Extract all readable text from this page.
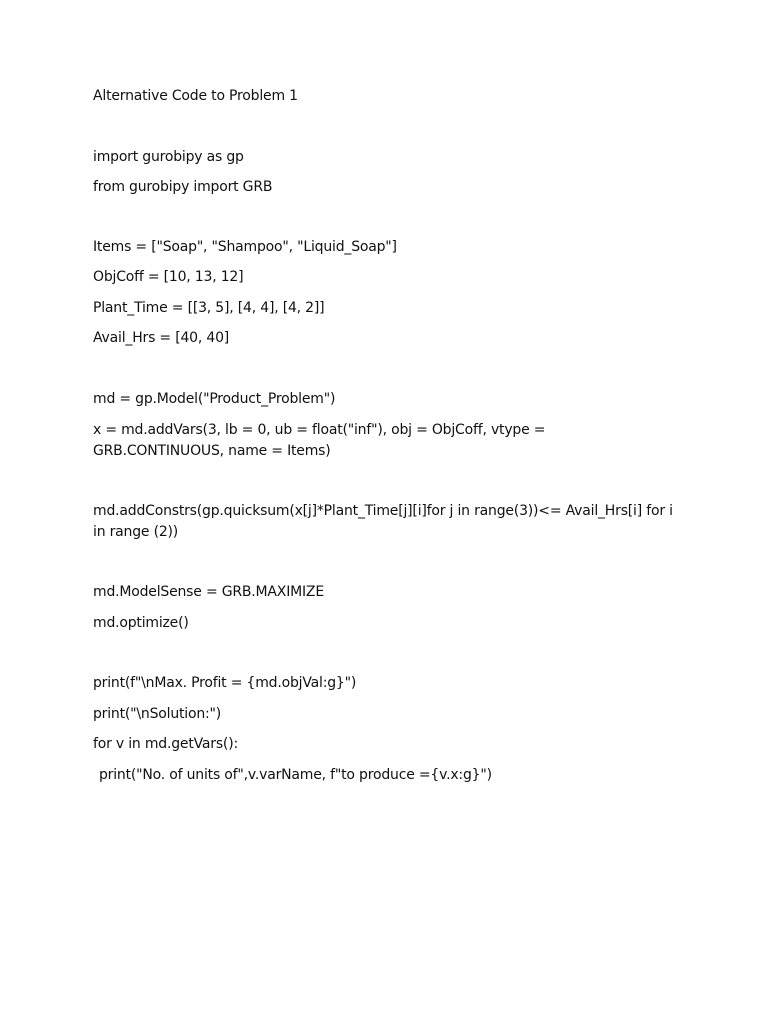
Alternative Code to Problem 1
import gurobipy as gp
from gurobipy import GRB
Items = ["Soap", "Shampoo", "Liquid_Soap"]
ObjCoff = [10, 13, 12]
Plant_Time = [[3, 5], [4, 4], [4, 2]]
Avail_Hrs = [40, 40]
md = gp.Model("Product_Problem")
x = md.addVars(3, lb = 0, ub = float("inf"), obj = ObjCoff, vtype = GRB.CONTINUOUS, name = Items)
md.addConstrs(gp.quicksum(x[j]*Plant_Time[j][i]for j in range(3))<= Avail_Hrs[i] for i in range (2))
md.ModelSense = GRB.MAXIMIZE
md.optimize()
print(f"\nMax. Profit = {md.objVal:g}")
print("\nSolution:")
for v in md.getVars():
print("No. of units of",v.varName, f"to produce ={v.x:g}")
